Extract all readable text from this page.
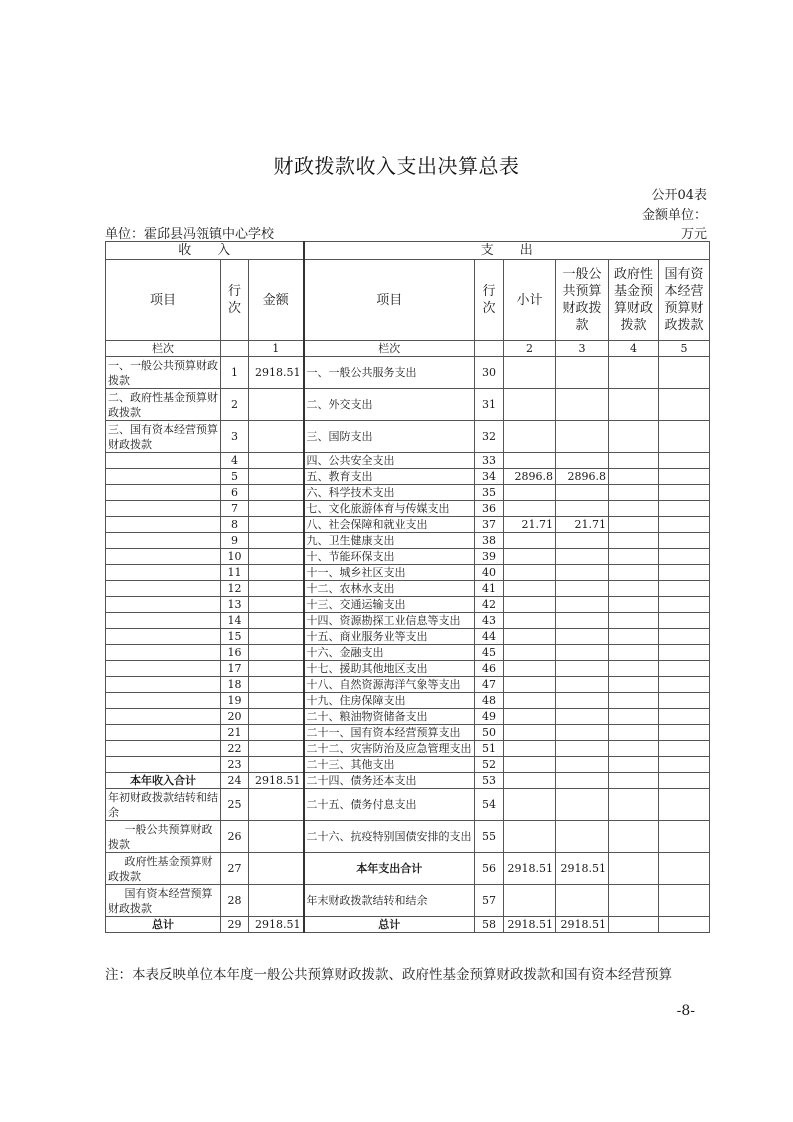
财政拨款收入支出决算总表
公开04表
金额单位：
单位：霍邱县冯瓴镇中心学校	万元
收　　入			支　　出					
项目	行次	金额	项目	行次	小计	一般公共预算财政拨款	政府性基金预算财政拨款	国有资本经营预算财政拨款
栏次		1	栏次		2	3	4	5
一、一般公共预算财政拨款	1	2918.51	一、一般公共服务支出	30				
二、政府性基金预算财政拨款	2		二、外交支出	31				
三、国有资本经营预算财政拨款	3		三、国防支出	32				
	4		四、公共安全支出	33				
	5		五、教育支出	34	2896.8	2896.8		
	6		六、科学技术支出	35				
	7		七、文化旅游体育与传媒支出	36				
	8		八、社会保障和就业支出	37	21.71	21.71		
	9		九、卫生健康支出	38				
	10		十、节能环保支出	39				
	11		十一、城乡社区支出	40				
	12		十二、农林水支出	41				
	13		十三、交通运输支出	42				
	14		十四、资源勘探工业信息等支出	43				
	15		十五、商业服务业等支出	44				
	16		十六、金融支出	45				
	17		十七、援助其他地区支出	46				
	18		十八、自然资源海洋气象等支出	47				
	19		十九、住房保障支出	48				
	20		二十、粮油物资储备支出	49				
	21		二十一、国有资本经营预算支出	50				
	22		二十二、灾害防治及应急管理支出	51				
	23		二十三、其他支出	52				
本年收入合计	24	2918.51	二十四、债务还本支出	53				
年初财政拨款结转和结余	25		二十五、债务付息支出	54				
一般公共预算财政拨款	26		二十六、抗疫特别国债安排的支出	55				
政府性基金预算财政拨款	27		本年支出合计	56	2918.51	2918.51		
国有资本经营预算财政拨款	28		年末财政拨款结转和结余	57				
总计	29	2918.51	总计	58	2918.51	2918.51		
注：本表反映单位本年度一般公共预算财政拨款、政府性基金预算财政拨款和国有资本经营预算
-8-
